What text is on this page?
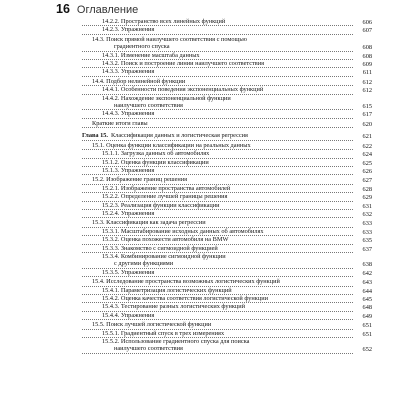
16 Оглавление
14.2.2. Пространство всех линейных функций	606
14.2.3. Упражнения	607
14.3. Поиск прямой наилучшего соответствия с помощью
градиентного спуска	608
14.3.1. Изменение масштаба данных	608
14.3.2. Поиск и построение линии наилучшего соответствия	609
14.3.3. Упражнения	611
14.4. Подбор нелинейной функции	612
14.4.1. Особенности поведения экспоненциальных функций	612
14.4.2. Нахождение экспоненциальной функции
наилучшего соответствия	615
14.4.3. Упражнения	617
Краткие итоги главы	620
Глава 15. Классификация данных и логистическая регрессия	621
15.1. Оценка функции классификации на реальных данных	622
15.1.1. Загрузка данных об автомобилях	624
15.1.2. Оценка функции классификации	625
15.1.3. Упражнения	626
15.2. Изображение границ решения	627
15.2.1. Изображение пространства автомобилей	628
15.2.2. Определение лучшей границы решения	629
15.2.3. Реализация функции классификации	631
15.2.4. Упражнения	632
15.3. Классификация как задача регрессии	633
15.3.1. Масштабирование исходных данных об автомобилях	633
15.3.2. Оценка похожести автомобиля на BMW	635
15.3.3. Знакомство с сигмоидной функцией	637
15.3.4. Комбинирование сигмоидной функции
с другими функциями	638
15.3.5. Упражнения	642
15.4. Исследование пространства возможных логистических функций	643
15.4.1. Параметризация логистических функций	644
15.4.2. Оценка качества соответствия логистической функции	645
15.4.3. Тестирование разных логистических функций	648
15.4.4. Упражнения	649
15.5. Поиск лучшей логистической функции	651
15.5.1. Градиентный спуск в трех измерениях	651
15.5.2. Использование градиентного спуска для поиска
наилучшего соответствия	652
